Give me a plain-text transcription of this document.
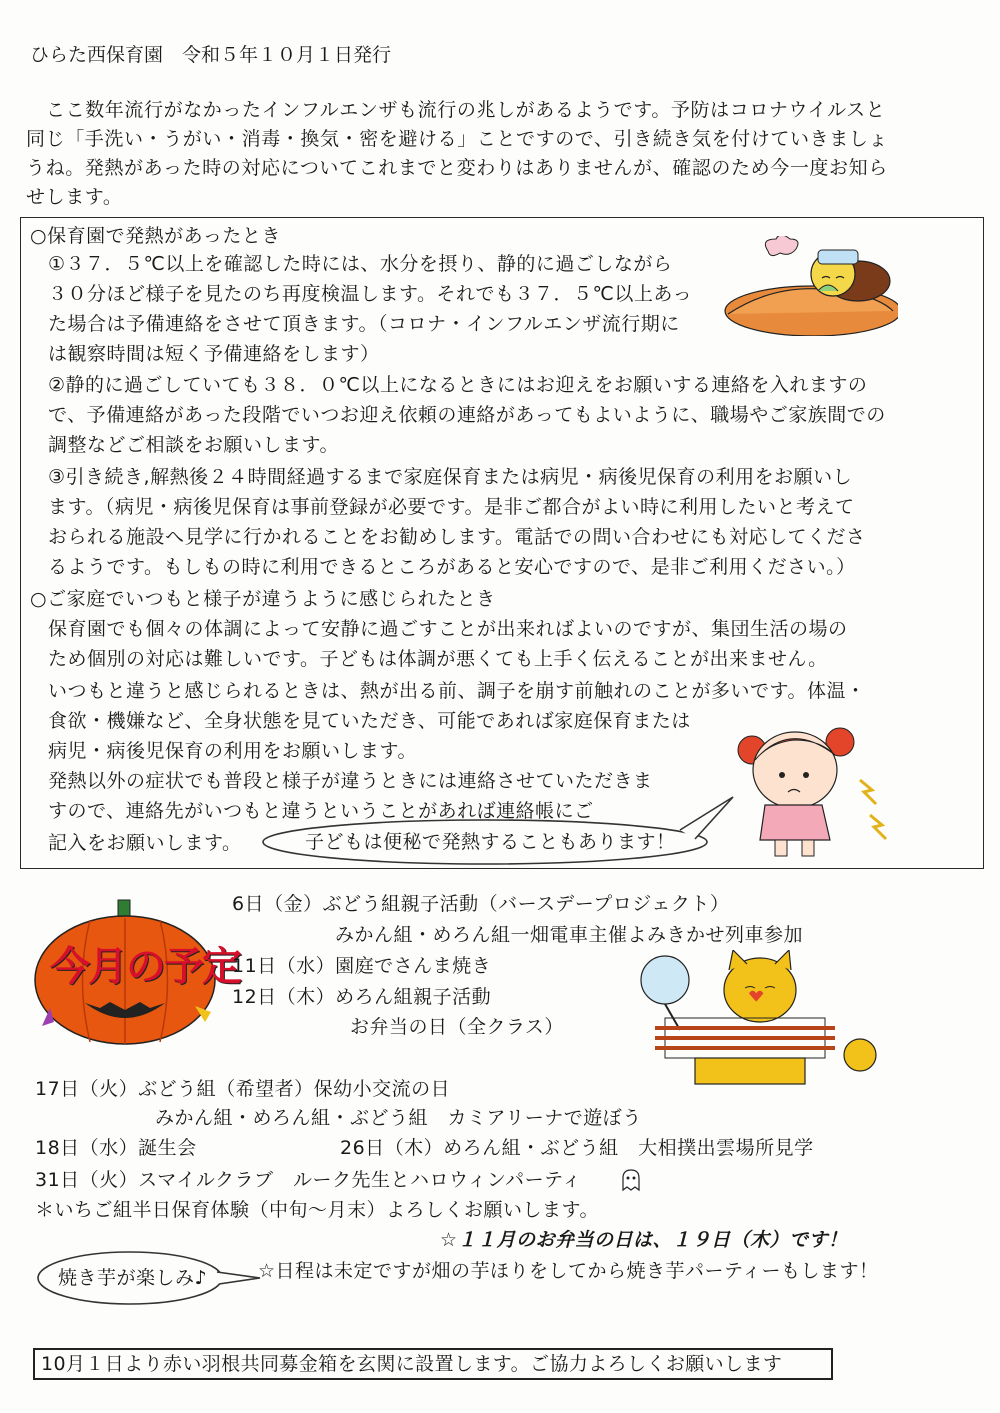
ひらた西保育園　令和５年１０月１日発行

ここ数年流行がなかったインフルエンザも流行の兆しがあるようです。予防はコロナウイルスと

同じ「手洗い・うがい・消毒・換気・密を避ける」ことですので、引き続き気を付けていきましょ

うね。発熱があった時の対応についてこれまでと変わりはありませんが、確認のため今一度お知ら

せします。

○保育園で発熱があったとき
①３７．５℃以上を確認した時には、水分を摂り、静的に過ごしながら
３０分ほど様子を見たのち再度検温します。それでも３７．５℃以上あっ
た場合は予備連絡をさせて頂きます。（コロナ・インフルエンザ流行期に
は観察時間は短く予備連絡をします）
②静的に過ごしていても３８．０℃以上になるときにはお迎えをお願いする連絡を入れますの
で、予備連絡があった段階でいつお迎え依頼の連絡があってもよいように、職場やご家族間での
調整などご相談をお願いします。
③引き続き,解熱後２４時間経過するまで家庭保育または病児・病後児保育の利用をお願いし
ます。（病児・病後児保育は事前登録が必要です。是非ご都合がよい時に利用したいと考えて
おられる施設へ見学に行かれることをお勧めします。電話での問い合わせにも対応してくださ
るようです。もしもの時に利用できるところがあると安心ですので、是非ご利用ください。）
○ご家庭でいつもと様子が違うように感じられたとき
保育園でも個々の体調によって安静に過ごすことが出来ればよいのですが、集団生活の場の
ため個別の対応は難しいです。子どもは体調が悪くても上手く伝えることが出来ません。
いつもと違うと感じられるときは、熱が出る前、調子を崩す前触れのことが多いです。体温・
食欲・機嫌など、全身状態を見ていただき、可能であれば家庭保育または
病児・病後児保育の利用をお願いします。
発熱以外の症状でも普段と様子が違うときには連絡させていただきま
すので、連絡先がいつもと違うということがあれば連絡帳にご
記入をお願いします。	子どもは便秘で発熱することもあります！
今月の予定
6日（金）ぶどう組親子活動（バースデープロジェクト）
みかん組・めろん組一畑電車主催よみきかせ列車参加
11日（水）園庭でさんま焼き
12日（木）めろん組親子活動
お弁当の日（全クラス）
17日（火）ぶどう組（希望者）保幼小交流の日
みかん組・めろん組・ぶどう組　カミアリーナで遊ぼう
18日（水）誕生会	26日（木）めろん組・ぶどう組　大相撲出雲場所見学
31日（火）スマイルクラブ　ルーク先生とハロウィンパーティ
＊いちご組半日保育体験（中旬～月末）よろしくお願いします。
☆１１月のお弁当の日は、１９日（木）です！
焼き芋が楽しみ♪	☆日程は未定ですが畑の芋ほりをしてから焼き芋パーティーもします！
10月１日より赤い羽根共同募金箱を玄関に設置します。ご協力よろしくお願いします
